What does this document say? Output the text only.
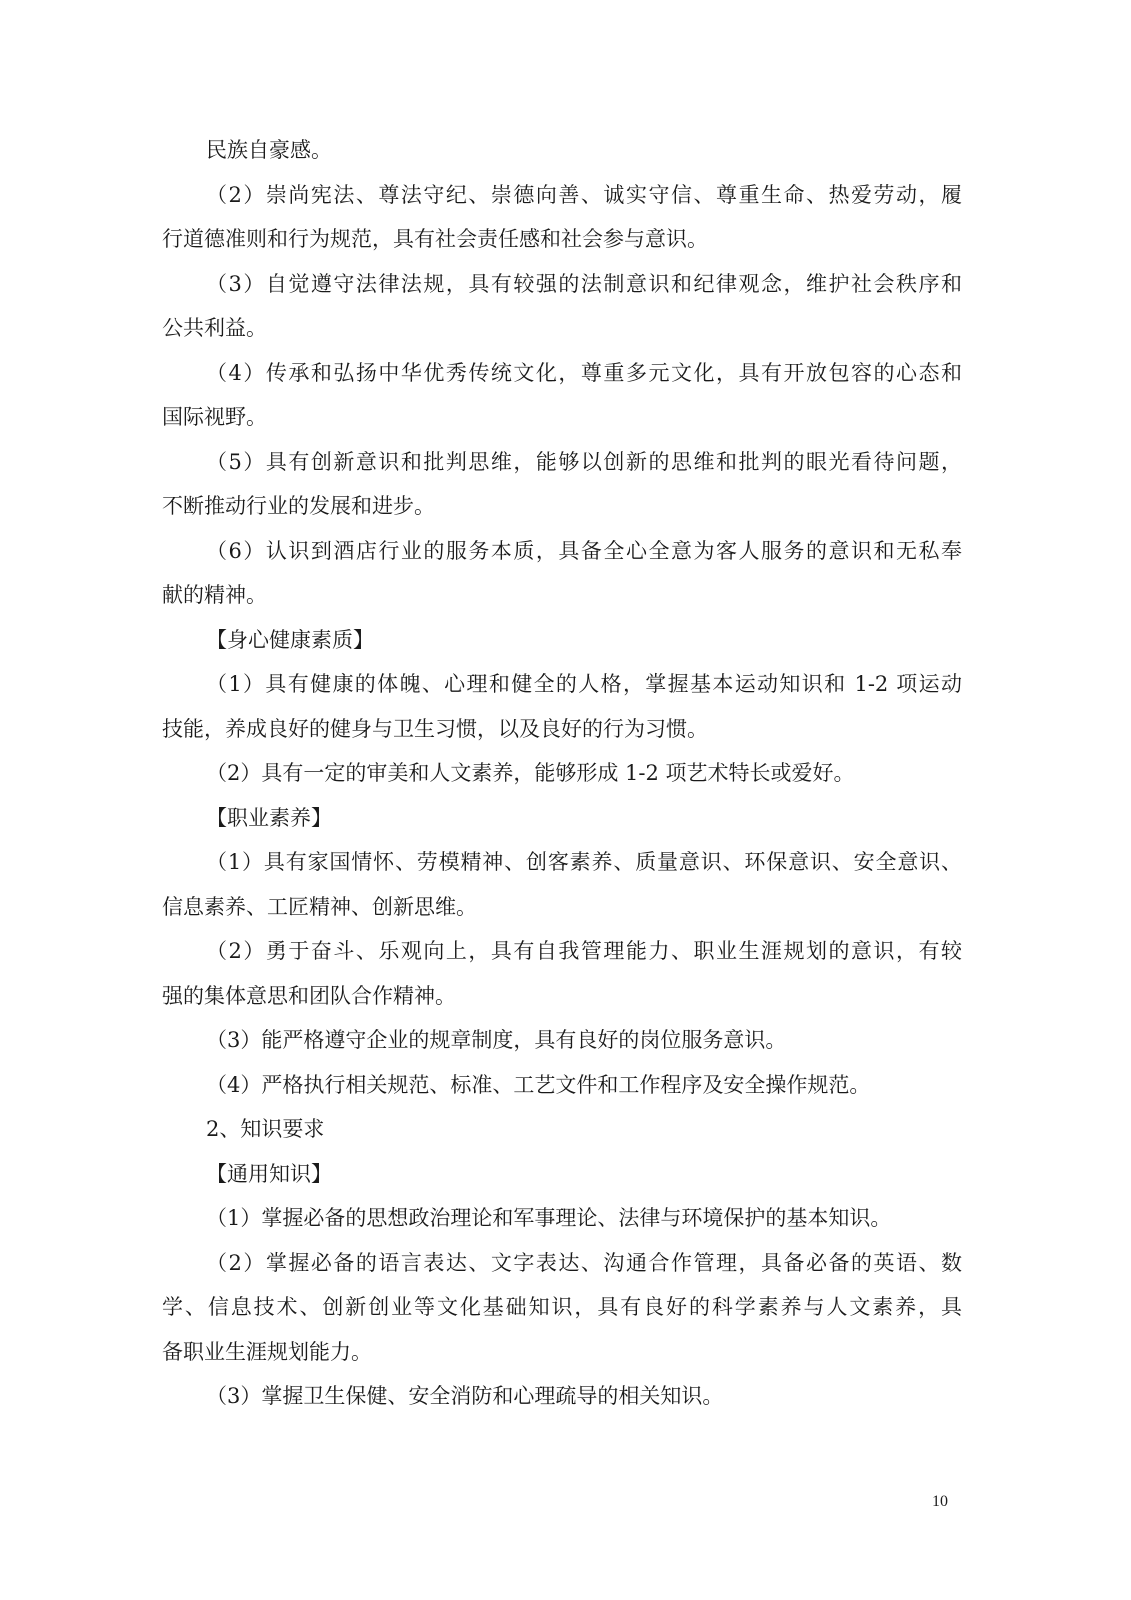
民族自豪感。
（2）崇尚宪法、尊法守纪、崇德向善、诚实守信、尊重生命、热爱劳动，履
行道德准则和行为规范，具有社会责任感和社会参与意识。
（3）自觉遵守法律法规，具有较强的法制意识和纪律观念，维护社会秩序和
公共利益。
（4）传承和弘扬中华优秀传统文化，尊重多元文化，具有开放包容的心态和
国际视野。
（5）具有创新意识和批判思维，能够以创新的思维和批判的眼光看待问题，
不断推动行业的发展和进步。
（6）认识到酒店行业的服务本质，具备全心全意为客人服务的意识和无私奉
献的精神。
【身心健康素质】
（1）具有健康的体魄、心理和健全的人格，掌握基本运动知识和 1-2 项运动
技能，养成良好的健身与卫生习惯，以及良好的行为习惯。
（2）具有一定的审美和人文素养，能够形成 1-2 项艺术特长或爱好。
【职业素养】
（1）具有家国情怀、劳模精神、创客素养、质量意识、环保意识、安全意识、
信息素养、工匠精神、创新思维。
（2）勇于奋斗、乐观向上，具有自我管理能力、职业生涯规划的意识，有较
强的集体意思和团队合作精神。
（3）能严格遵守企业的规章制度，具有良好的岗位服务意识。
（4）严格执行相关规范、标准、工艺文件和工作程序及安全操作规范。
2、知识要求
【通用知识】
（1）掌握必备的思想政治理论和军事理论、法律与环境保护的基本知识。
（2）掌握必备的语言表达、文字表达、沟通合作管理，具备必备的英语、数
学、信息技术、创新创业等文化基础知识，具有良好的科学素养与人文素养，具
备职业生涯规划能力。
（3）掌握卫生保健、安全消防和心理疏导的相关知识。
10
